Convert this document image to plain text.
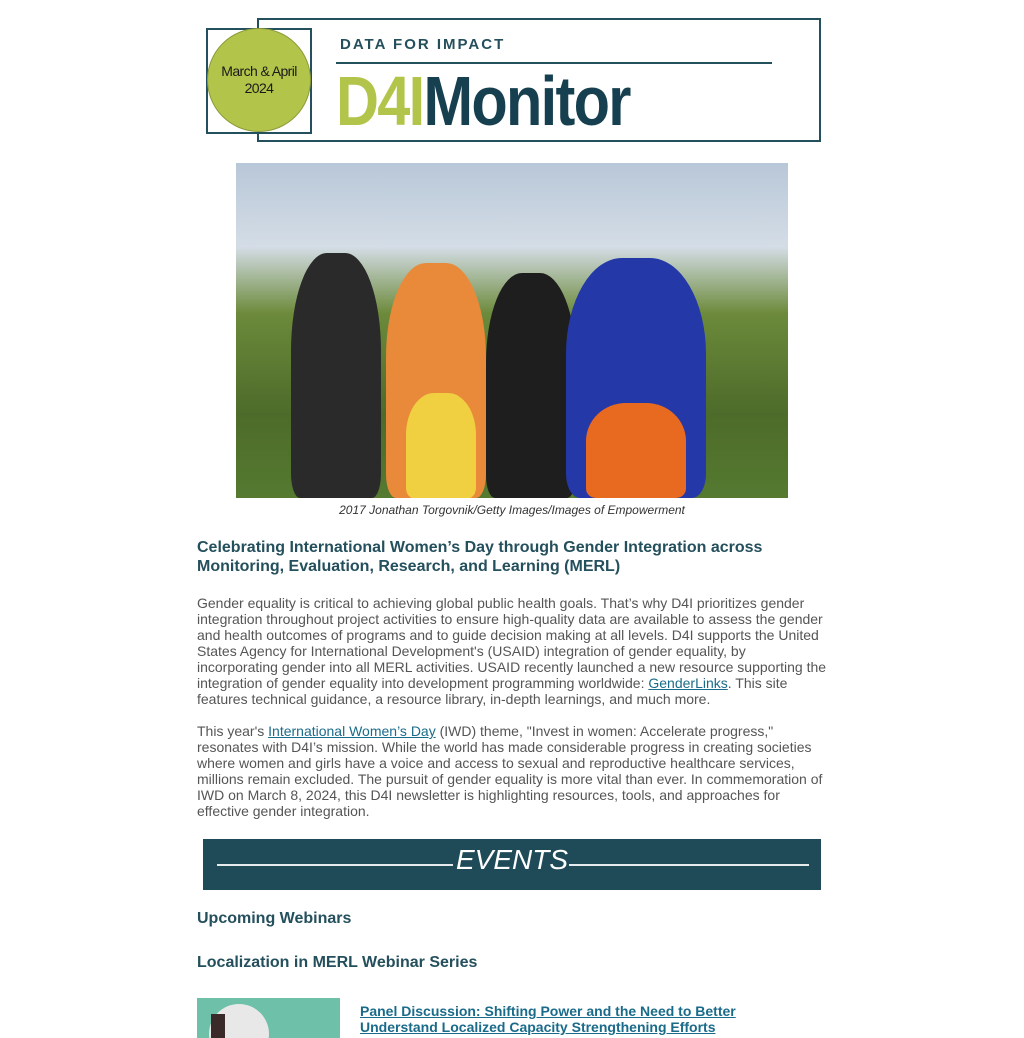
March & April
2024
DATA FOR IMPACT
D4IMonitor
2017 Jonathan Torgovnik/Getty Images/Images of Empowerment
Celebrating International Women’s Day through Gender Integration across Monitoring, Evaluation, Research, and Learning (MERL)
Gender equality is critical to achieving global public health goals. That’s why D4I prioritizes gender integration throughout project activities to ensure high-quality data are available to assess the gender and health outcomes of programs and to guide decision making at all levels. D4I supports the United States Agency for International Development's (USAID) integration of gender equality, by incorporating gender into all MERL activities. USAID recently launched a new resource supporting the integration of gender equality into development programming worldwide: GenderLinks. This site features technical guidance, a resource library, in-depth learnings, and much more.
This year's International Women’s Day (IWD) theme, "Invest in women: Accelerate progress," resonates with D4I’s mission. While the world has made considerable progress in creating societies where women and girls have a voice and access to sexual and reproductive healthcare services, millions remain excluded. The pursuit of gender equality is more vital than ever. In commemoration of IWD on March 8, 2024, this D4I newsletter is highlighting resources, tools, and approaches for effective gender integration.
EVENTS
Upcoming Webinars
Localization in MERL Webinar Series
Panel Discussion: Shifting Power and the Need to Better Understand Localized Capacity Strengthening Efforts
